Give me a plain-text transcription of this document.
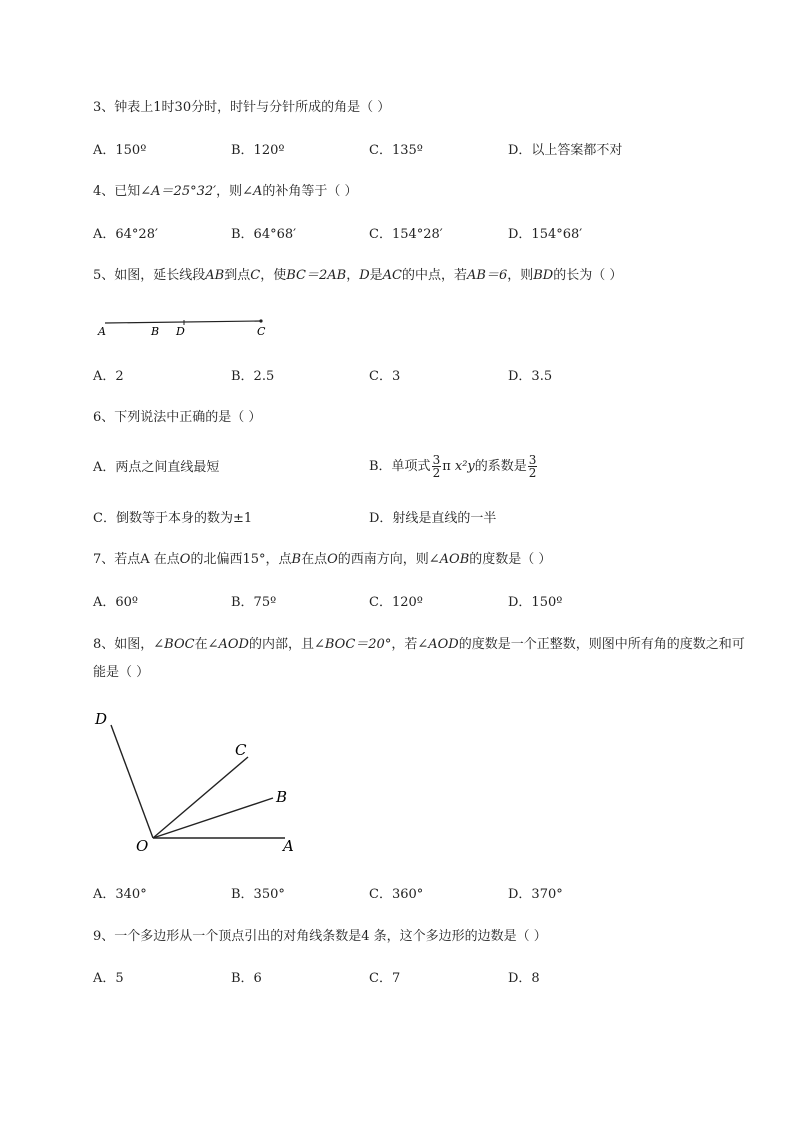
3、钟表上1时30分时，时针与分针所成的角是（ ）
A．150º	B．120º	C．135º	D．以上答案都不对
4、已知∠A＝25°32′，则∠A的补角等于（ ）
A．64°28′	B．64°68′	C．154°28′	D．154°68′
5、如图，延长线段AB到点C，使BC＝2AB，D是AC的中点，若AB＝6，则BD的长为（ ）
A	B D	C
A．2	B．2.5	C．3	D．3.5
6、下列说法中正确的是（ ）
A．两点之间直线最短	B．单项式 $\frac{3}{2}$ π x²y的系数是 $\frac{3}{2}$
C．倒数等于本身的数为±1	D．射线是直线的一半
7、若点A 在点O的北偏西15°，点B在点O的西南方向，则∠AOB的度数是（ ）
A．60º	B．75º	C．120º	D．150º
8、如图，∠BOC在∠AOD的内部，且∠BOC＝20°，若∠AOD的度数是一个正整数，则图中所有角的度数之和可能是（ ）
D
C
B
O	A
A．340°	B．350°	C．360°	D．370°
9、一个多边形从一个顶点引出的对角线条数是4 条，这个多边形的边数是（ ）
A．5	B．6	C．7	D．8
